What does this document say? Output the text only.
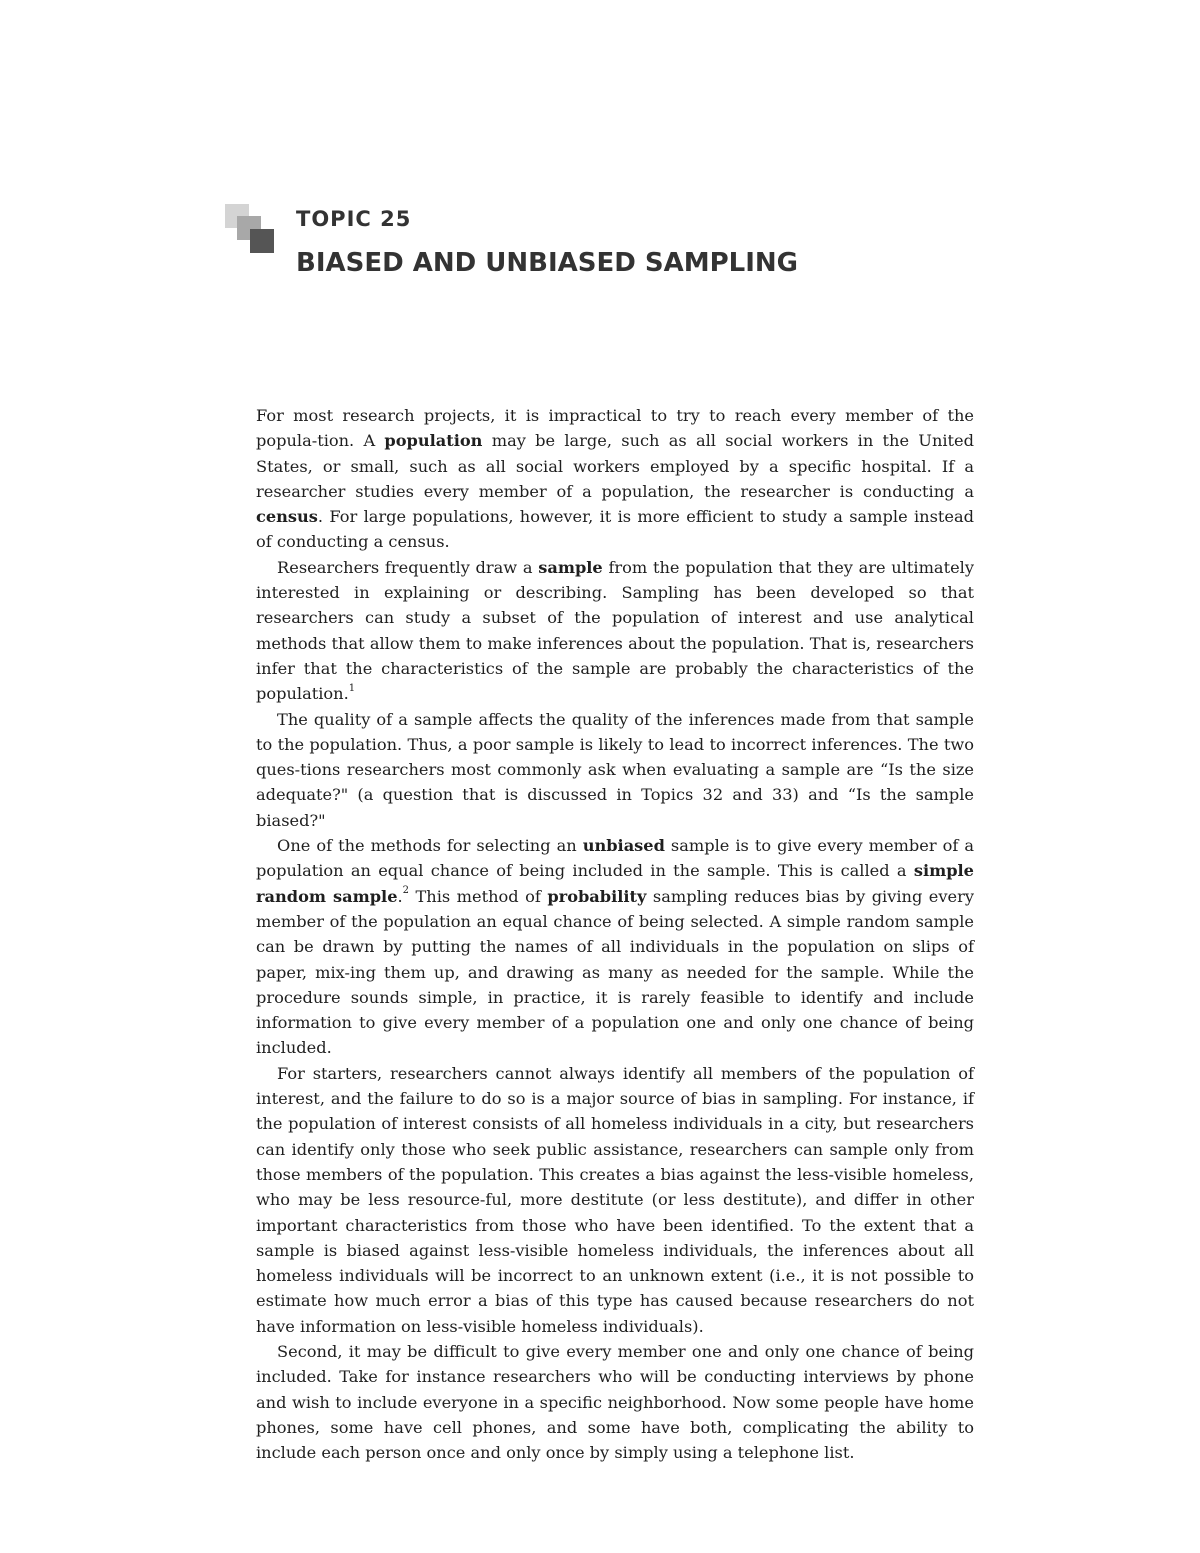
TOPIC 25
BIASED AND UNBIASED SAMPLING

For most research projects, it is impractical to try to reach every member of the popula-tion. A population may be large, such as all social workers in the United States, or small, such as all social workers employed by a specific hospital. If a researcher studies every member of a population, the researcher is conducting a census. For large populations, however, it is more efficient to study a sample instead of conducting a census.

Researchers frequently draw a sample from the population that they are ultimately interested in explaining or describing. Sampling has been developed so that researchers can study a subset of the population of interest and use analytical methods that allow them to make inferences about the population. That is, researchers infer that the characteristics of the sample are probably the characteristics of the population.$^1$

The quality of a sample affects the quality of the inferences made from that sample to the population. Thus, a poor sample is likely to lead to incorrect inferences. The two ques-tions researchers most commonly ask when evaluating a sample are “Is the size adequate?" (a question that is discussed in Topics 32 and 33) and “Is the sample biased?"

One of the methods for selecting an unbiased sample is to give every member of a population an equal chance of being included in the sample. This is called a simple random sample.$^2$ This method of probability sampling reduces bias by giving every member of the population an equal chance of being selected. A simple random sample can be drawn by putting the names of all individuals in the population on slips of paper, mix-ing them up, and drawing as many as needed for the sample. While the procedure sounds simple, in practice, it is rarely feasible to identify and include information to give every member of a population one and only one chance of being included.

For starters, researchers cannot always identify all members of the population of interest, and the failure to do so is a major source of bias in sampling. For instance, if the population of interest consists of all homeless individuals in a city, but researchers can identify only those who seek public assistance, researchers can sample only from those members of the population. This creates a bias against the less-visible homeless, who may be less resource-ful, more destitute (or less destitute), and differ in other important characteristics from those who have been identified. To the extent that a sample is biased against less-visible homeless individuals, the inferences about all homeless individuals will be incorrect to an unknown extent (i.e., it is not possible to estimate how much error a bias of this type has caused because researchers do not have information on less-visible homeless individuals).

Second, it may be difficult to give every member one and only one chance of being included. Take for instance researchers who will be conducting interviews by phone and wish to include everyone in a specific neighborhood. Now some people have home phones, some have cell phones, and some have both, complicating the ability to include each person once and only once by simply using a telephone list.
